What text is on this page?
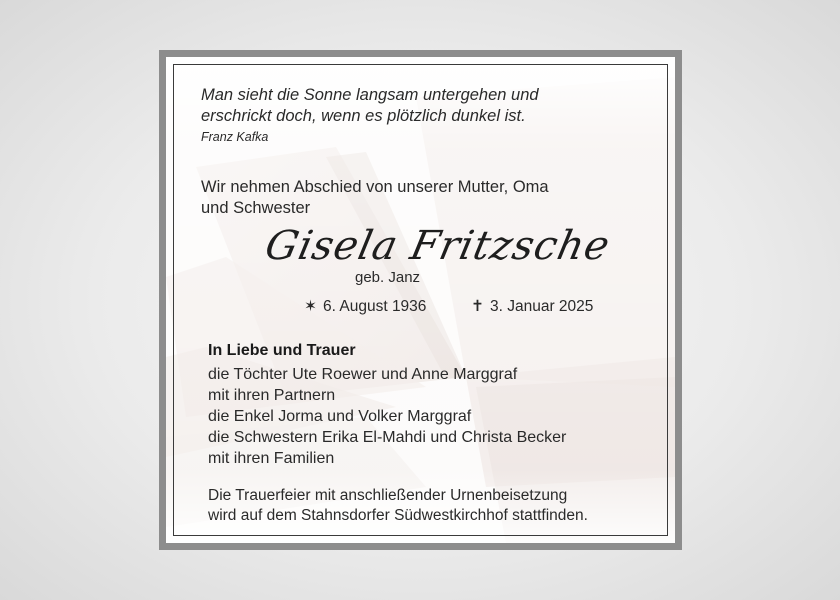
Man sieht die Sonne langsam untergehen und
erschrickt doch, wenn es plötzlich dunkel ist.
Franz Kafka
Wir nehmen Abschied von unserer Mutter, Oma
und Schwester
Gisela Fritzsche
geb. Janz
✶ 6. August 1936	✝ 3. Januar 2025
In Liebe und Trauer
die Töchter Ute Roewer und Anne Marggraf
mit ihren Partnern
die Enkel Jorma und Volker Marggraf
die Schwestern Erika El-Mahdi und Christa Becker
mit ihren Familien
Die Trauerfeier mit anschließender Urnenbeisetzung
wird auf dem Stahnsdorfer Südwestkirchhof stattfinden.
